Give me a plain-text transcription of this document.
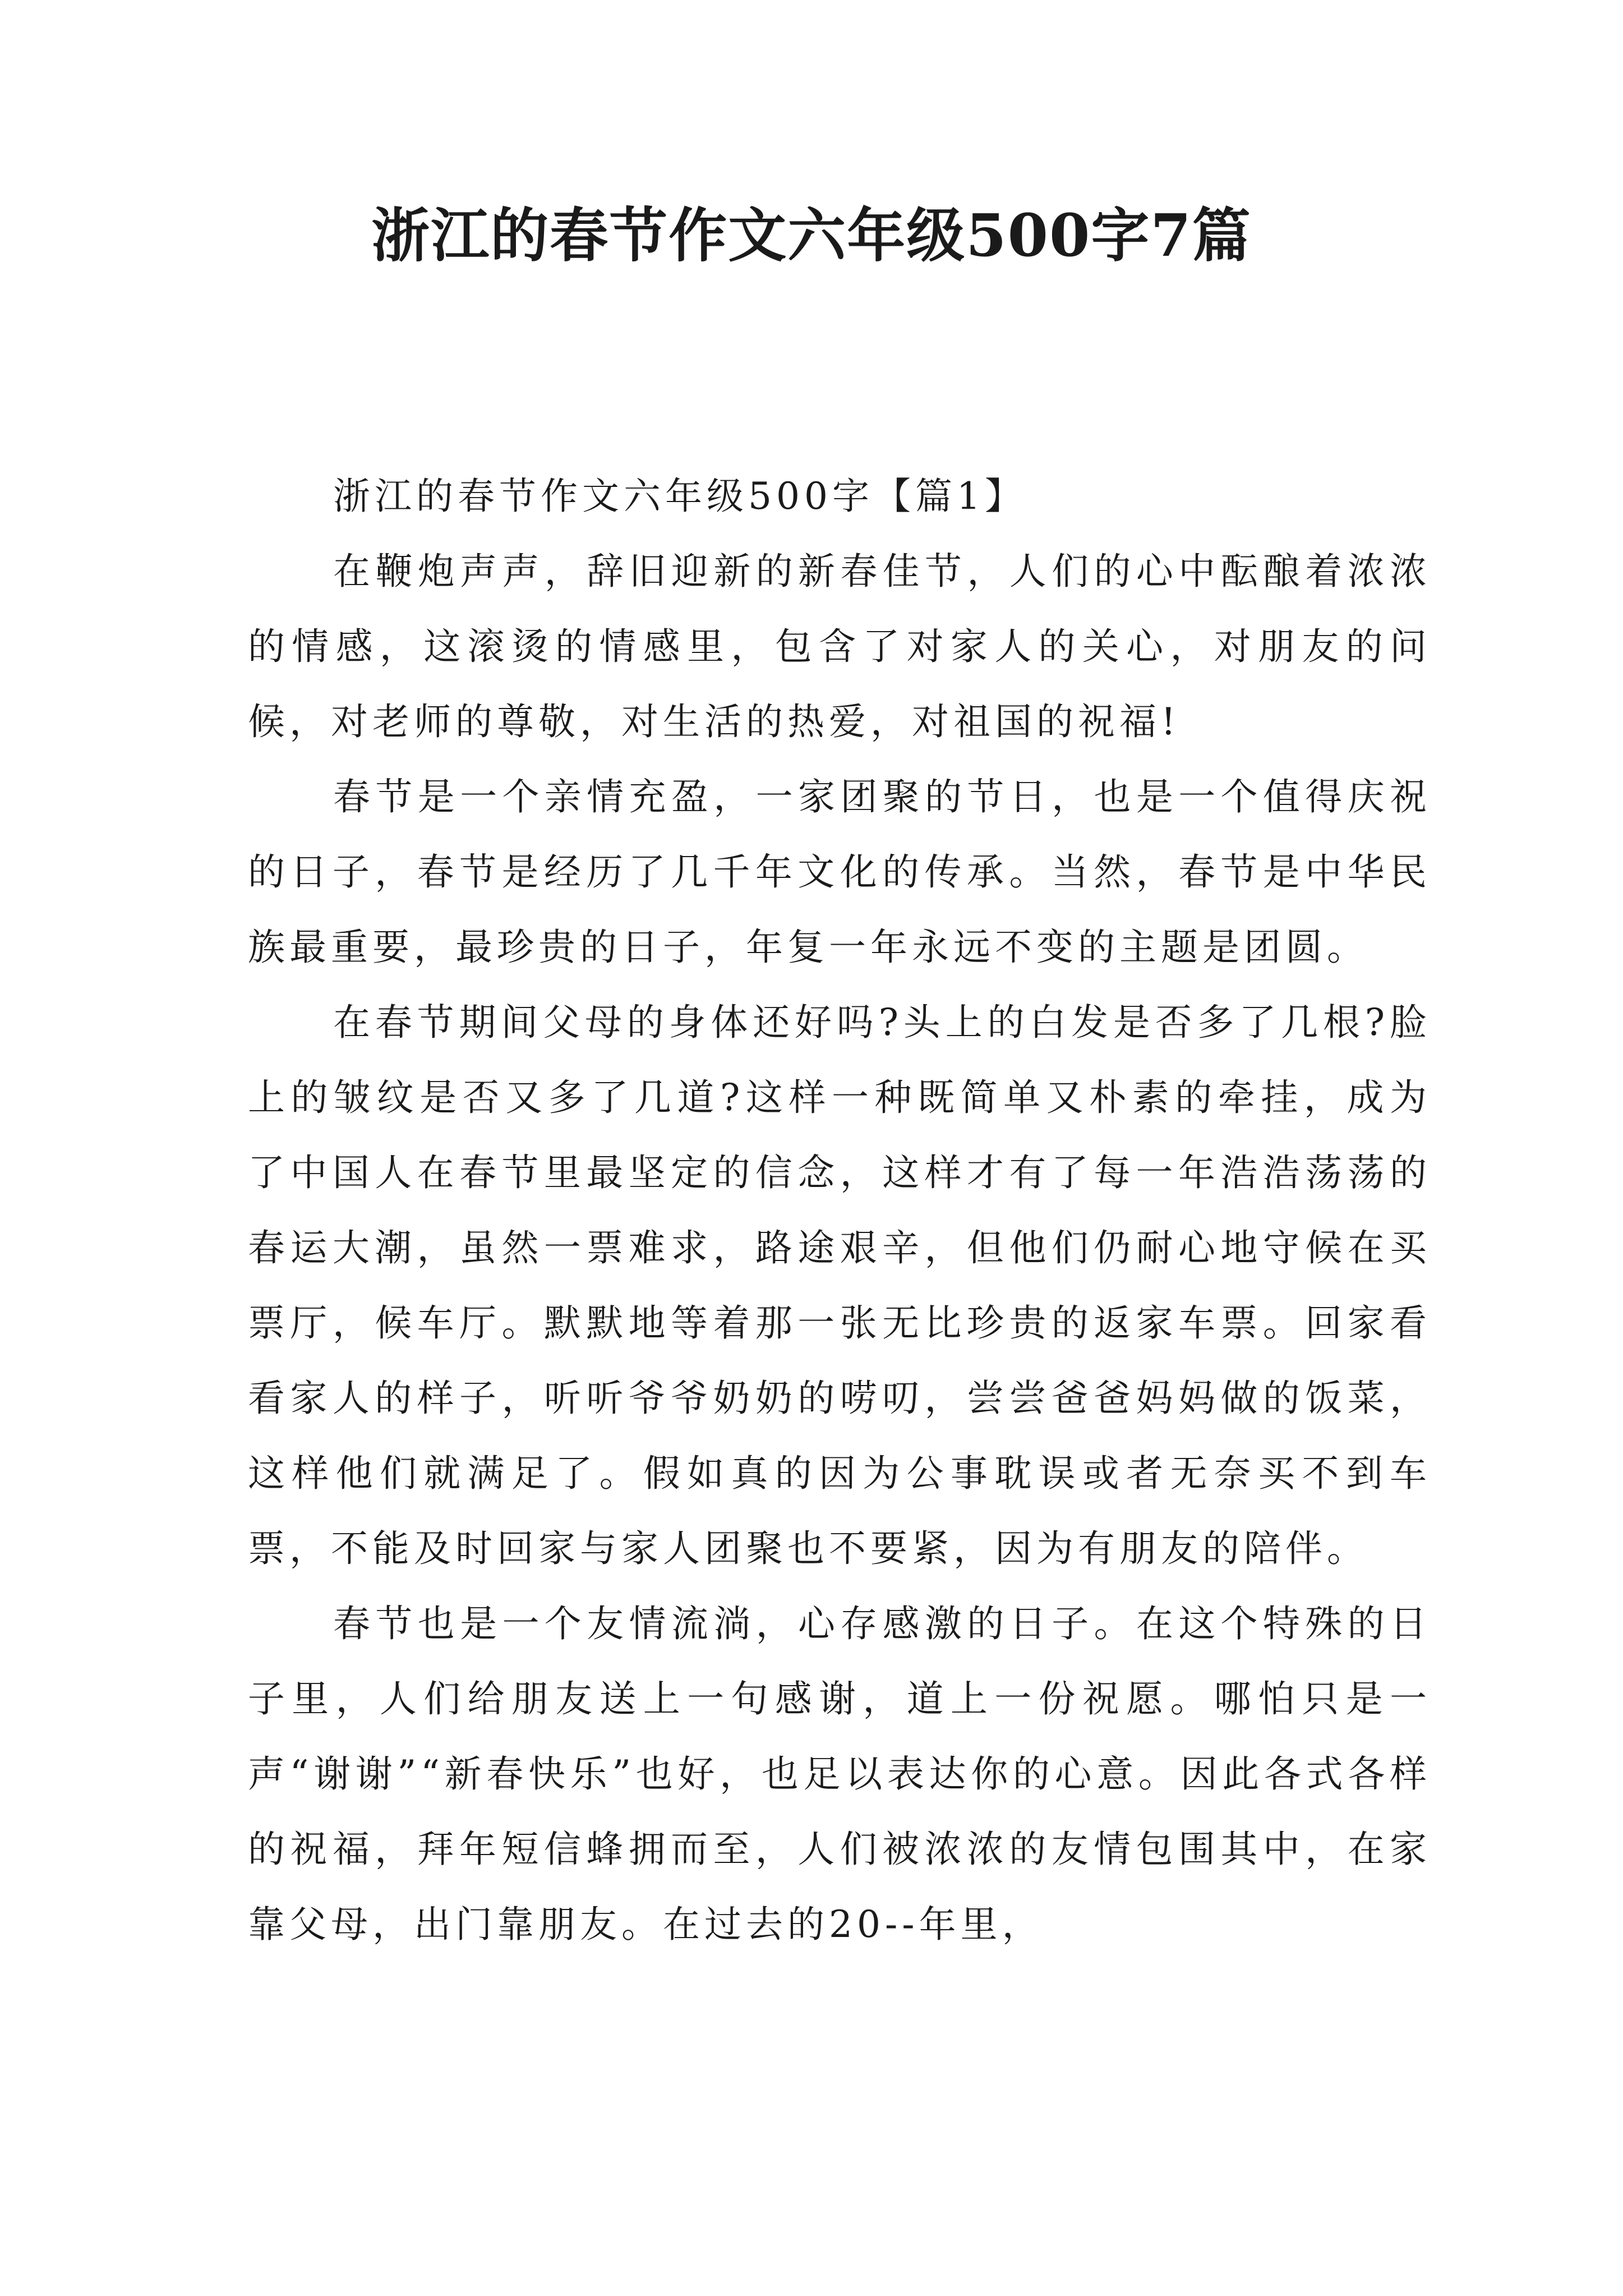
浙江的春节作文六年级500字7篇

浙江的春节作文六年级500字【篇1】

在鞭炮声声，辞旧迎新的新春佳节，人们的心中酝酿着浓浓的情感，这滚烫的情感里，包含了对家人的关心，对朋友的问候，对老师的尊敬，对生活的热爱，对祖国的祝福!

春节是一个亲情充盈，一家团聚的节日，也是一个值得庆祝的日子，春节是经历了几千年文化的传承。当然，春节是中华民族最重要，最珍贵的日子，年复一年永远不变的主题是团圆。

在春节期间父母的身体还好吗?头上的白发是否多了几根?脸上的皱纹是否又多了几道?这样一种既简单又朴素的牵挂，成为了中国人在春节里最坚定的信念，这样才有了每一年浩浩荡荡的春运大潮，虽然一票难求，路途艰辛，但他们仍耐心地守候在买票厅，候车厅。默默地等着那一张无比珍贵的返家车票。回家看看家人的样子，听听爷爷奶奶的唠叨，尝尝爸爸妈妈做的饭菜，这样他们就满足了。假如真的因为公事耽误或者无奈买不到车票，不能及时回家与家人团聚也不要紧，因为有朋友的陪伴。

春节也是一个友情流淌，心存感激的日子。在这个特殊的日子里，人们给朋友送上一句感谢，道上一份祝愿。哪怕只是一声“谢谢”“新春快乐”也好，也足以表达你的心意。因此各式各样的祝福，拜年短信蜂拥而至，人们被浓浓的友情包围其中，在家靠父母，出门靠朋友。在过去的20--年里，
